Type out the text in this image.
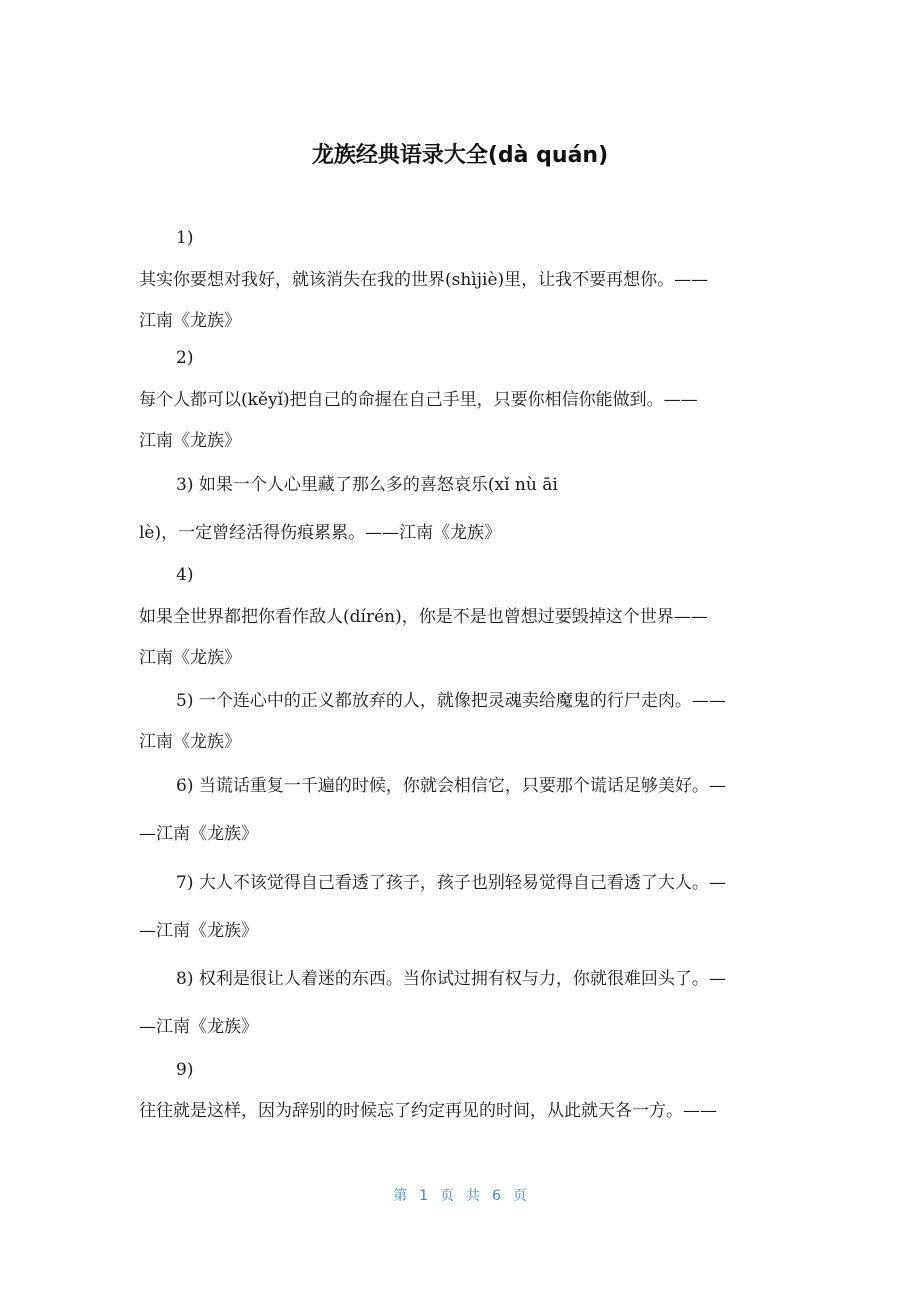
龙族经典语录大全(dà quán)
1)
其实你要想对我好，就该消失在我的世界(shìjiè)里，让我不要再想你。——
江南《龙族》
2)
每个人都可以(kěyǐ)把自己的命握在自己手里，只要你相信你能做到。——
江南《龙族》
3) 如果一个人心里藏了那么多的喜怒哀乐(xǐ nù āi
lè)，一定曾经活得伤痕累累。——江南《龙族》
4)
如果全世界都把你看作敌人(dírén)，你是不是也曾想过要毁掉这个世界——
江南《龙族》
5) 一个连心中的正义都放弃的人，就像把灵魂卖给魔鬼的行尸走肉。——
江南《龙族》
6) 当谎话重复一千遍的时候，你就会相信它，只要那个谎话足够美好。—
—江南《龙族》
7) 大人不该觉得自己看透了孩子，孩子也别轻易觉得自己看透了大人。—
—江南《龙族》
8) 权利是很让人着迷的东西。当你试过拥有权与力，你就很难回头了。—
—江南《龙族》
9)
往往就是这样，因为辞别的时候忘了约定再见的时间，从此就天各一方。——
第 1 页 共 6 页
